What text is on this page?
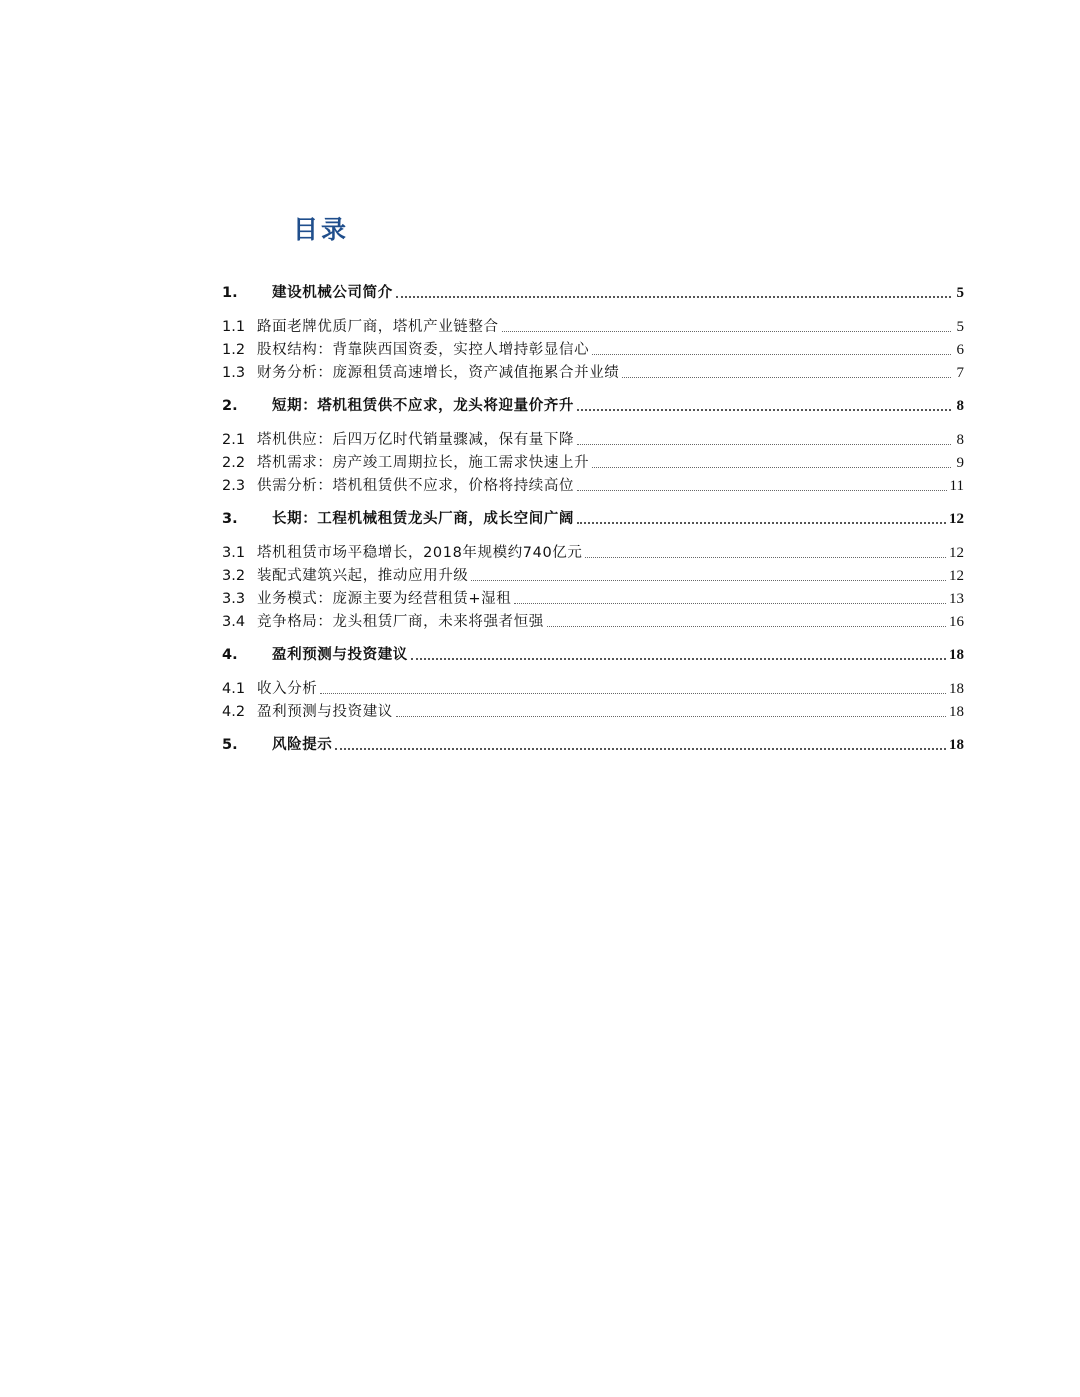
目录
1.	建设机械公司简介	5
1.1 路面老牌优质厂商，塔机产业链整合	5
1.2 股权结构：背靠陕西国资委，实控人增持彰显信心	6
1.3 财务分析：庞源租赁高速增长，资产减值拖累合并业绩	7
2.	短期：塔机租赁供不应求，龙头将迎量价齐升	8
2.1 塔机供应：后四万亿时代销量骤减，保有量下降	8
2.2 塔机需求：房产竣工周期拉长，施工需求快速上升	9
2.3 供需分析：塔机租赁供不应求，价格将持续高位	11
3.	长期：工程机械租赁龙头厂商，成长空间广阔	12
3.1 塔机租赁市场平稳增长，2018年规模约740亿元	12
3.2 装配式建筑兴起，推动应用升级	12
3.3 业务模式：庞源主要为经营租赁+湿租	13
3.4 竞争格局：龙头租赁厂商，未来将强者恒强	16
4.	盈利预测与投资建议	18
4.1 收入分析	18
4.2 盈利预测与投资建议	18
5.	风险提示	18
